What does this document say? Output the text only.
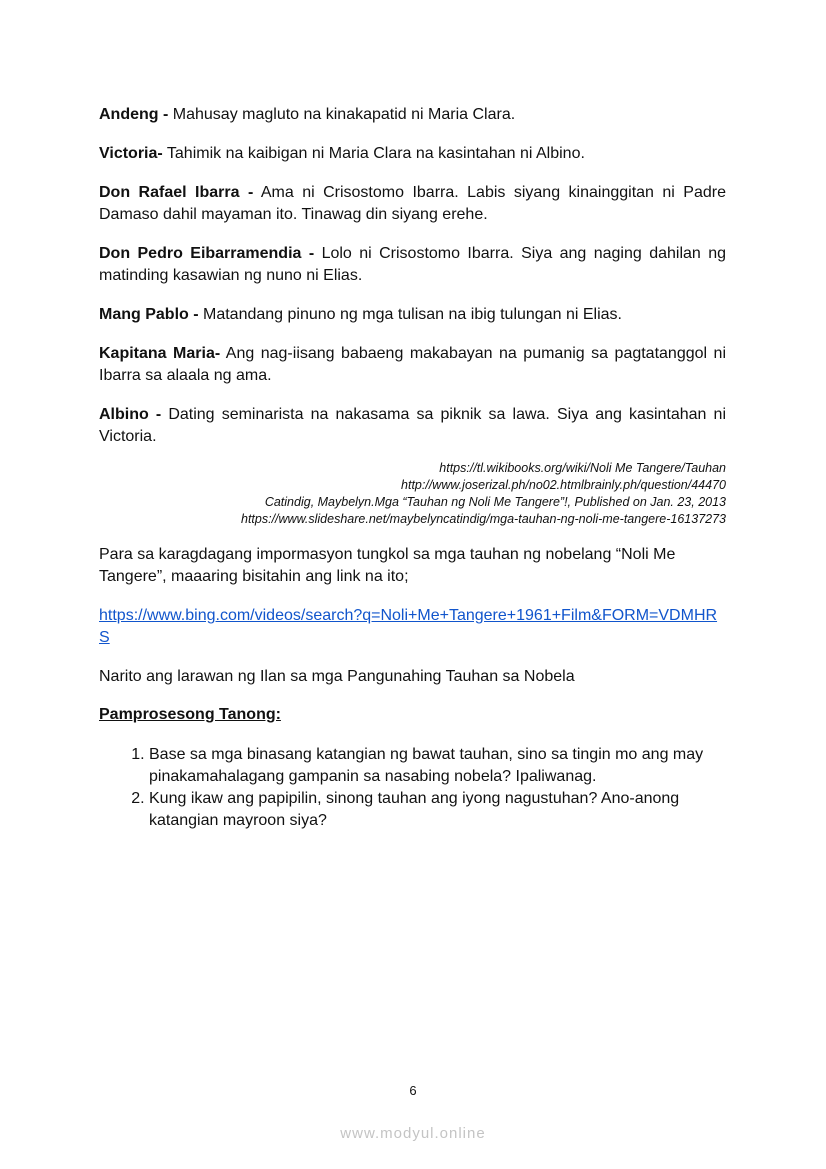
Andeng - Mahusay magluto na kinakapatid ni Maria Clara.

Victoria- Tahimik na kaibigan ni Maria Clara na kasintahan ni Albino.

Don Rafael Ibarra - Ama ni Crisostomo Ibarra. Labis siyang kinainggitan ni Padre Damaso dahil mayaman ito. Tinawag din siyang erehe.

Don Pedro Eibarramendia - Lolo ni Crisostomo Ibarra. Siya ang naging dahilan ng matinding kasawian ng nuno ni Elias.

Mang Pablo - Matandang pinuno ng mga tulisan na ibig tulungan ni Elias.

Kapitana Maria- Ang nag-iisang babaeng makabayan na pumanig sa pagtatanggol ni Ibarra sa alaala ng ama.

Albino - Dating seminarista na nakasama sa piknik sa lawa. Siya ang kasintahan ni Victoria.

https://tl.wikibooks.org/wiki/Noli Me Tangere/Tauhan
http://www.joserizal.ph/no02.htmlbrainly.ph/question/44470
Catindig, Maybelyn.Mga “Tauhan ng Noli Me Tangere”!, Published on Jan. 23, 2013
https://www.slideshare.net/maybelyncatindig/mga-tauhan-ng-noli-me-tangere-16137273

Para sa karagdagang impormasyon tungkol sa mga tauhan ng nobelang “Noli Me Tangere”, maaaring bisitahin ang link na ito;

https://www.bing.com/videos/search?q=Noli+Me+Tangere+1961+Film&FORM=VDMHRS

Narito ang larawan ng Ilan sa mga Pangunahing Tauhan sa Nobela

Pamprosesong Tanong:

1. Base sa mga binasang katangian ng bawat tauhan, sino sa tingin mo ang may pinakamahalagang gampanin sa nasabing nobela? Ipaliwanag.
2. Kung ikaw ang papipilin, sinong tauhan ang iyong nagustuhan? Ano-anong katangian mayroon siya?
6
www.modyul.online
